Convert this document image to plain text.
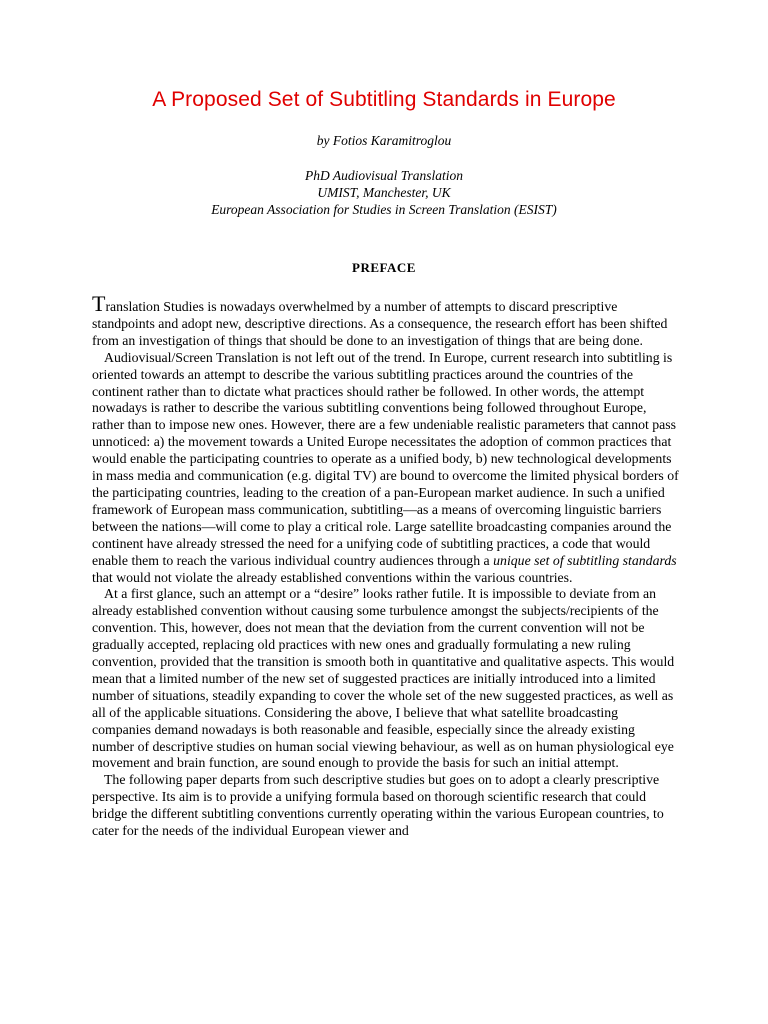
A Proposed Set of Subtitling Standards in Europe
by Fotios Karamitroglou
PhD Audiovisual Translation
UMIST, Manchester, UK
European Association for Studies in Screen Translation (ESIST)
PREFACE

Translation Studies is nowadays overwhelmed by a number of attempts to discard prescriptive standpoints and adopt new, descriptive directions. As a consequence, the research effort has been shifted from an investigation of things that should be done to an investigation of things that are being done.

Audiovisual/Screen Translation is not left out of the trend. In Europe, current research into subtitling is oriented towards an attempt to describe the various subtitling practices around the countries of the continent rather than to dictate what practices should rather be followed. In other words, the attempt nowadays is rather to describe the various subtitling conventions being followed throughout Europe, rather than to impose new ones. However, there are a few undeniable realistic parameters that cannot pass unnoticed: a) the movement towards a United Europe necessitates the adoption of common practices that would enable the participating countries to operate as a unified body, b) new technological developments in mass media and communication (e.g. digital TV) are bound to overcome the limited physical borders of the participating countries, leading to the creation of a pan-European market audience. In such a unified framework of European mass communication, subtitling—as a means of overcoming linguistic barriers between the nations—will come to play a critical role. Large satellite broadcasting companies around the continent have already stressed the need for a unifying code of subtitling practices, a code that would enable them to reach the various individual country audiences through a unique set of subtitling standards that would not violate the already established conventions within the various countries.

At a first glance, such an attempt or a “desire” looks rather futile. It is impossible to deviate from an already established convention without causing some turbulence amongst the subjects/recipients of the convention. This, however, does not mean that the deviation from the current convention will not be gradually accepted, replacing old practices with new ones and gradually formulating a new ruling convention, provided that the transition is smooth both in quantitative and qualitative aspects. This would mean that a limited number of the new set of suggested practices are initially introduced into a limited number of situations, steadily expanding to cover the whole set of the new suggested practices, as well as all of the applicable situations. Considering the above, I believe that what satellite broadcasting companies demand nowadays is both reasonable and feasible, especially since the already existing number of descriptive studies on human social viewing behaviour, as well as on human physiological eye movement and brain function, are sound enough to provide the basis for such an initial attempt.

The following paper departs from such descriptive studies but goes on to adopt a clearly prescriptive perspective. Its aim is to provide a unifying formula based on thorough scientific research that could bridge the different subtitling conventions currently operating within the various European countries, to cater for the needs of the individual European viewer and
